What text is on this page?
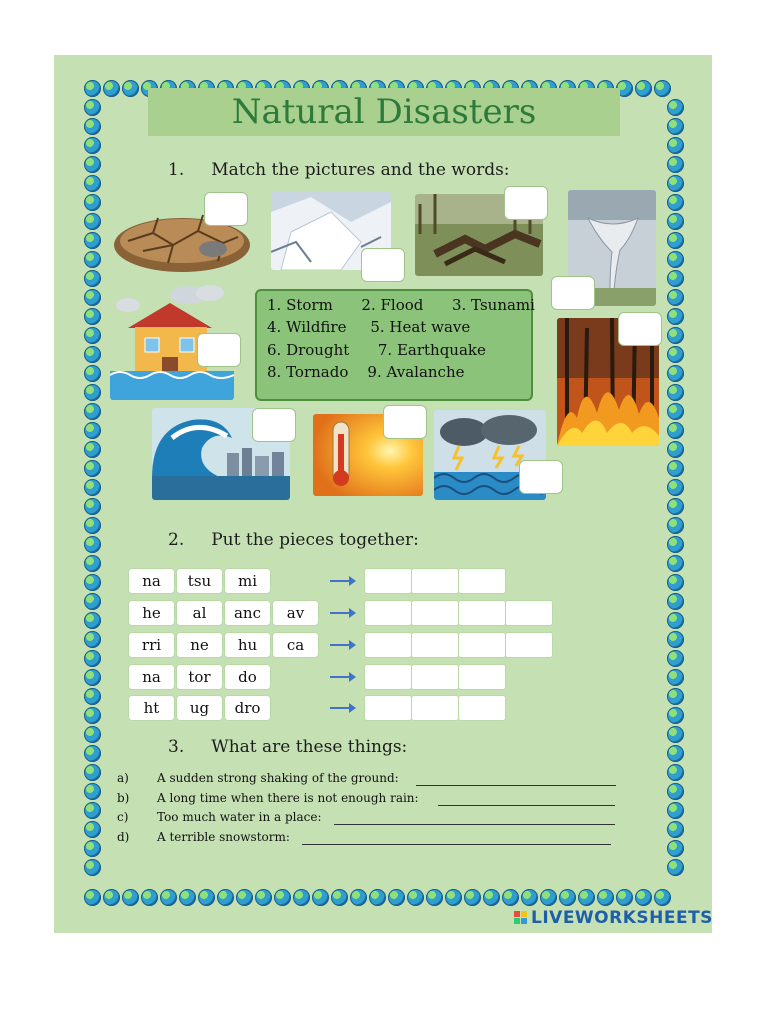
Natural Disasters
1.     Match the pictures and the words:
1. Storm      2. Flood      3. Tsunami
4. Wildfire     5. Heat wave
6. Drought      7. Earthquake
8. Tornado    9. Avalanche
2.     Put the pieces together:
na	tsu	mi
he	al	anc	av
rri	ne	hu	ca
na	tor	do
ht	ug	dro
3.     What are these things:
a) A sudden strong shaking of the ground:
b) A long time when there is not enough rain:
c) Too much water in a place:
d) A terrible snowstorm:
LIVEWORKSHEETS
